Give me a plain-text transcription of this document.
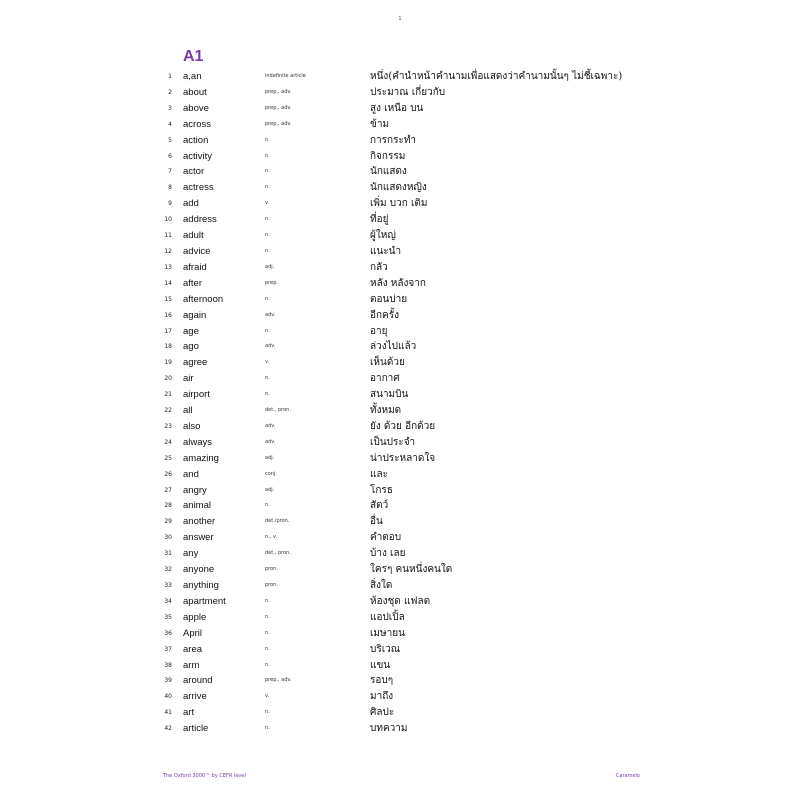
1
A1
1 a,an	indefinite article	หนึ่ง(คำนำหน้าคำนามเพื่อแสดงว่าคำนามนั้นๆ ไม่ชี้เฉพาะ)
2 about	prep., adv.	ประมาณ เกี่ยวกับ
3 above	prep., adv.	สูง เหนือ บน
4 across	prep., adv.	ข้าม
5 action	n.	การกระทำ
6 activity	n.	กิจกรรม
7 actor	n.	นักแสดง
8 actress	n.	นักแสดงหญิง
9 add	v.	เพิ่ม บวก เติม
10 address	n.	ที่อยู่
11 adult	n.	ผู้ใหญ่
12 advice	n.	แนะนำ
13 afraid	adj.	กลัว
14 after	prep.	หลัง หลังจาก
15 afternoon	n.	ตอนบ่าย
16 again	adv.	อีกครั้ง
17 age	n.	อายุ
18 ago	adv.	ล่วงไปแล้ว
19 agree	v.	เห็นด้วย
20 air	n.	อากาศ
21 airport	n.	สนามบิน
22 all	det., pron.	ทั้งหมด
23 also	adv.	ยัง ด้วย อีกด้วย
24 always	adv.	เป็นประจำ
25 amazing	adj.	น่าประหลาดใจ
26 and	conj.	และ
27 angry	adj.	โกรธ
28 animal	n.	สัตว์
29 another	det./pron.	อื่น
30 answer	n., v.	คำตอบ
31 any	det., pron.	บ้าง เลย
32 anyone	pron.	ใครๆ คนหนึ่งคนใด
33 anything	pron.	สิ่งใด
34 apartment	n.	ห้องชุด แฟลต
35 apple	n.	แอปเปิ้ล
36 April	n.	เมษายน
37 area	n.	บริเวณ
38 arm	n.	แขน
39 around	prep., adv.	รอบๆ
40 arrive	v.	มาถึง
41 art	n.	ศิลปะ
42 article	n.	บทความ
The Oxford 3000™ by CEFR level	Caramelo
